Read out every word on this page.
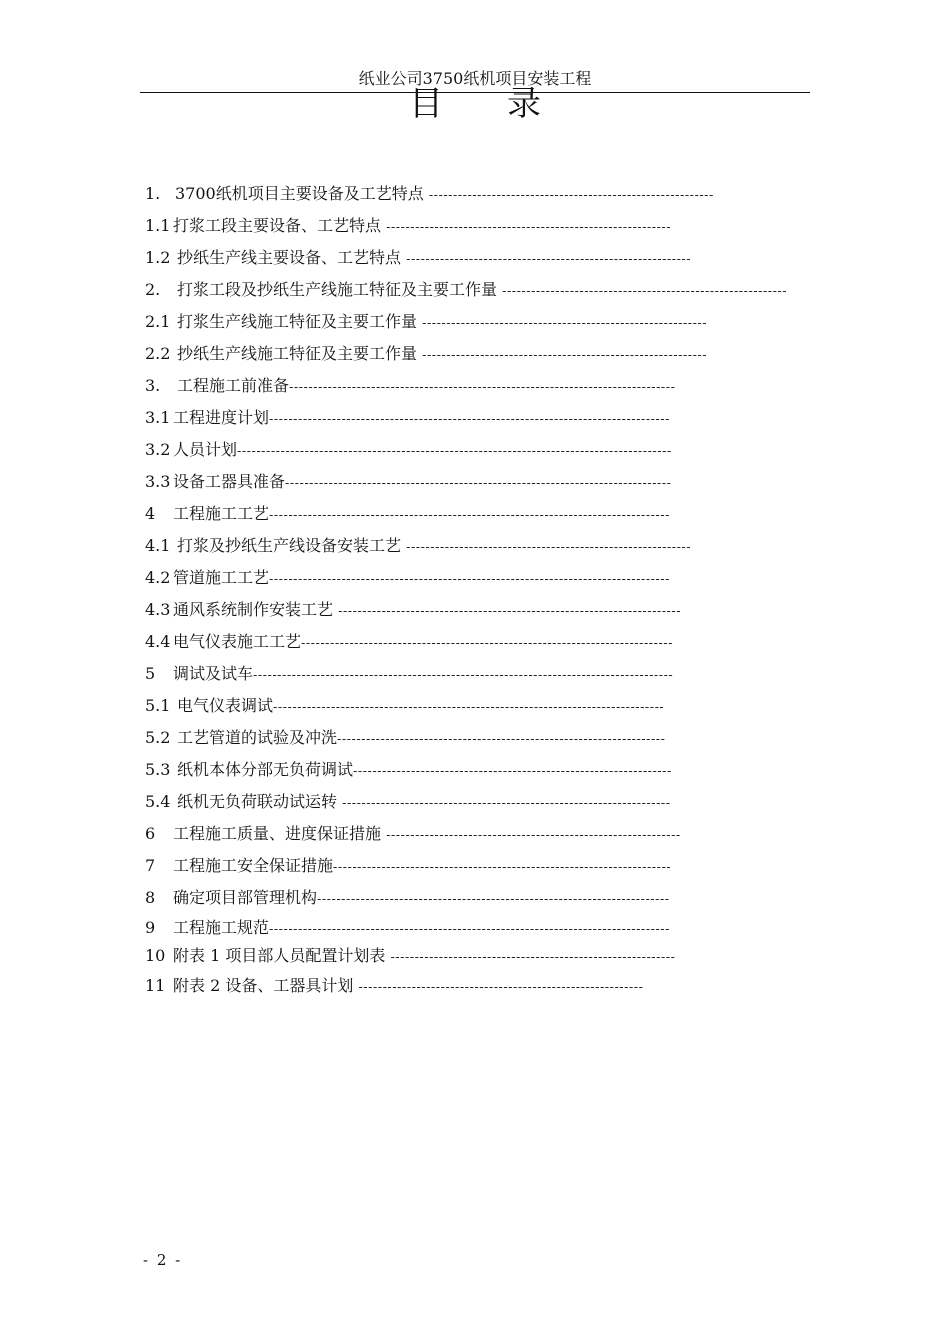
纸业公司3750纸机项目安装工程
目录
1. 3700纸机项目主要设备及工艺特点 -----------------------------------------------------------
1.1 打浆工段主要设备、工艺特点 -----------------------------------------------------------
1.2 抄纸生产线主要设备、工艺特点 -----------------------------------------------------------
2. 打浆工段及抄纸生产线施工特征及主要工作量 -----------------------------------------------------------
2.1 打浆生产线施工特征及主要工作量 -----------------------------------------------------------
2.2 抄纸生产线施工特征及主要工作量 -----------------------------------------------------------
3. 工程施工前准备--------------------------------------------------------------------------------
3.1 工程进度计划-----------------------------------------------------------------------------------
3.2 人员计划------------------------------------------------------------------------------------------
3.3 设备工器具准备--------------------------------------------------------------------------------
4 工程施工工艺-----------------------------------------------------------------------------------
4.1 打浆及抄纸生产线设备安装工艺 -----------------------------------------------------------
4.2 管道施工工艺-----------------------------------------------------------------------------------
4.3 通风系统制作安装工艺 -----------------------------------------------------------------------
4.4 电气仪表施工工艺-----------------------------------------------------------------------------
5 调试及试车---------------------------------------------------------------------------------------
5.1 电气仪表调试---------------------------------------------------------------------------------
5.2 工艺管道的试验及冲洗--------------------------------------------------------------------
5.3 纸机本体分部无负荷调试------------------------------------------------------------------
5.4 纸机无负荷联动试运转 --------------------------------------------------------------------
6 工程施工质量、进度保证措施 -------------------------------------------------------------
7 工程施工安全保证措施----------------------------------------------------------------------
8 确定项目部管理机构-------------------------------------------------------------------------
9 工程施工规范-----------------------------------------------------------------------------------
10 附表 1 项目部人员配置计划表 -----------------------------------------------------------
11 附表 2 设备、工器具计划 -----------------------------------------------------------
- 2 -
